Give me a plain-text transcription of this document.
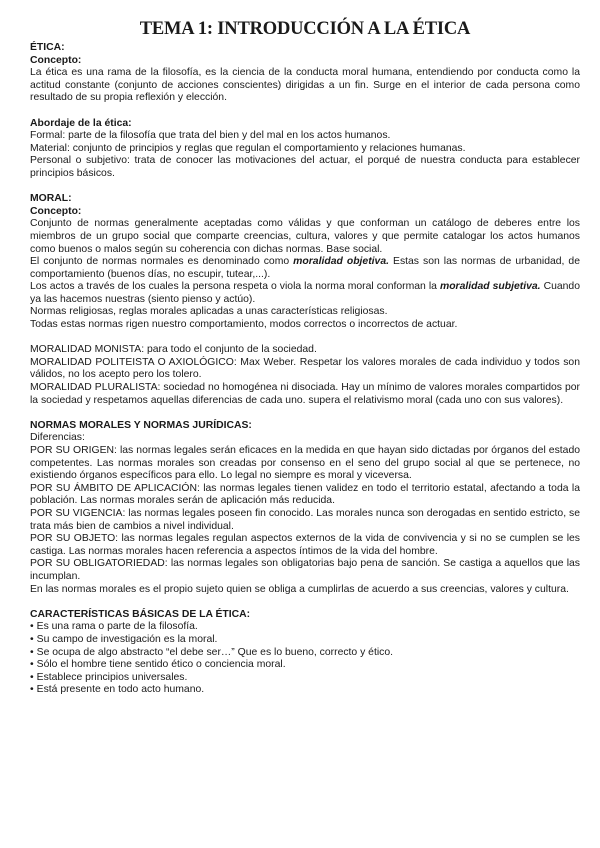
TEMA 1: INTRODUCCIÓN A LA ÉTICA
ÉTICA:
Concepto:
La ética es una rama de la filosofía, es la ciencia de la conducta moral humana, entendiendo por conducta como la actitud constante (conjunto de acciones conscientes) dirigidas a un fin. Surge en el interior de cada persona como resultado de su propia reflexión y elección.
Abordaje de la ética:
Formal: parte de la filosofía que trata del bien y del mal en los actos humanos.
Material: conjunto de principios y reglas que regulan el comportamiento y relaciones humanas.
Personal o subjetivo: trata de conocer las motivaciones del actuar, el porqué de nuestra conducta para establecer principios básicos.
MORAL:
Concepto:
Conjunto de normas generalmente aceptadas como válidas y que conforman un catálogo de deberes entre los miembros de un grupo social que comparte creencias, cultura, valores y que permite catalogar los actos humanos como buenos o malos según su coherencia con dichas normas. Base social.
El conjunto de normas normales es denominado como moralidad objetiva. Estas son las normas de urbanidad, de comportamiento (buenos días, no escupir, tutear,...).
Los actos a través de los cuales la persona respeta o viola la norma moral conforman la moralidad subjetiva. Cuando ya las hacemos nuestras (siento pienso y actúo).
Normas religiosas, reglas morales aplicadas a unas características religiosas.
Todas estas normas rigen nuestro comportamiento, modos correctos o incorrectos de actuar.
MORALIDAD MONISTA: para todo el conjunto de la sociedad.
MORALIDAD POLITEISTA O AXIOLÓGICO: Max Weber. Respetar los valores morales de cada individuo y todos son válidos, no los acepto pero los tolero.
MORALIDAD PLURALISTA: sociedad no homogénea ni disociada. Hay un mínimo de valores morales compartidos por la sociedad y respetamos aquellas diferencias de cada uno. supera el relativismo moral (cada uno con sus valores).
NORMAS MORALES Y NORMAS JURÍDICAS:
Diferencias:
POR SU ORIGEN: las normas legales serán eficaces en la medida en que hayan sido dictadas por órganos del estado competentes. Las normas morales son creadas por consenso en el seno del grupo social al que se pertenece, no existiendo órganos específicos para ello. Lo legal no siempre es moral y viceversa.
POR SU ÁMBITO DE APLICACIÓN: las normas legales tienen validez en todo el territorio estatal, afectando a toda la población. Las normas morales serán de aplicación más reducida.
POR SU VIGENCIA: las normas legales poseen fin conocido. Las morales nunca son derogadas en sentido estricto, se trata más bien de cambios a nivel individual.
POR SU OBJETO: las normas legales regulan aspectos externos de la vida de convivencia y si no se cumplen se les castiga. Las normas morales hacen referencia a aspectos íntimos de la vida del hombre.
POR SU OBLIGATORIEDAD: las normas legales son obligatorias bajo pena de sanción. Se castiga a aquellos que las incumplan.
En las normas morales es el propio sujeto quien se obliga a cumplirlas de acuerdo a sus creencias, valores y cultura.
CARACTERÍSTICAS BÁSICAS DE LA ÉTICA:
• Es una rama o parte de la filosofía.
• Su campo de investigación es la moral.
• Se ocupa de algo abstracto “el debe ser…” Que es lo bueno, correcto y ético.
• Sólo el hombre tiene sentido ético o conciencia moral.
• Establece principios universales.
• Está presente en todo acto humano.
